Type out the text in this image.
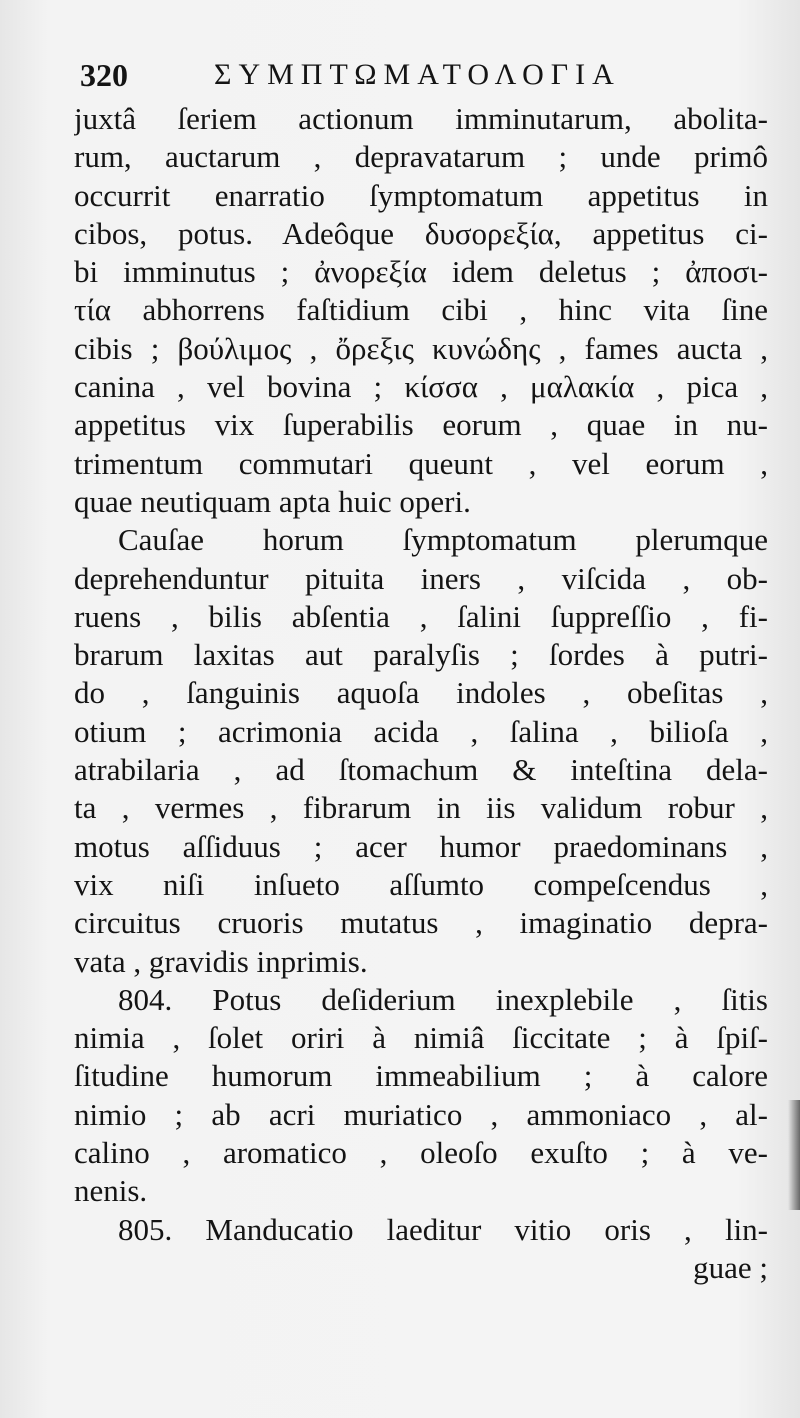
320	ΣΥΜΠΤΩΜΑΤΟΛΟΓΙΑ
juxtâ ſeriem actionum imminutarum, abolita-
rum, auctarum , depravatarum ; unde primô
occurrit enarratio ſymptomatum appetitus in
cibos, potus. Adeôque δυσορεξία, appetitus ci-
bi imminutus ; ἀνορεξία idem deletus ; ἀποσι-
τία abhorrens faſtidium cibi , hinc vita ſine
cibis ; βούλιμος , ὄρεξις κυνώδης , fames aucta ,
canina , vel bovina ; κίσσα , μαλακία , pica ,
appetitus vix ſuperabilis eorum , quae in nu-
trimentum commutari queunt , vel eorum ,
quae neutiquam apta huic operi.
Cauſae horum ſymptomatum plerumque
deprehenduntur pituita iners , viſcida , ob-
ruens , bilis abſentia , ſalini ſuppreſſio , fi-
brarum laxitas aut paralyſis ; ſordes à putri-
do , ſanguinis aquoſa indoles , obeſitas ,
otium ; acrimonia acida , ſalina , bilioſa ,
atrabilaria , ad ſtomachum & inteſtina dela-
ta , vermes , fibrarum in iis validum robur ,
motus aſſiduus ; acer humor praedominans ,
vix niſi inſueto aſſumto compeſcendus ,
circuitus cruoris mutatus , imaginatio depra-
vata , gravidis inprimis.
804. Potus deſiderium inexplebile , ſitis
nimia , ſolet oriri à nimiâ ſiccitate ; à ſpiſ-
ſitudine humorum immeabilium ; à calore
nimio ; ab acri muriatico , ammoniaco , al-
calino , aromatico , oleoſo exuſto ; à ve-
nenis.
805. Manducatio laeditur vitio oris , lin-
guae ;
